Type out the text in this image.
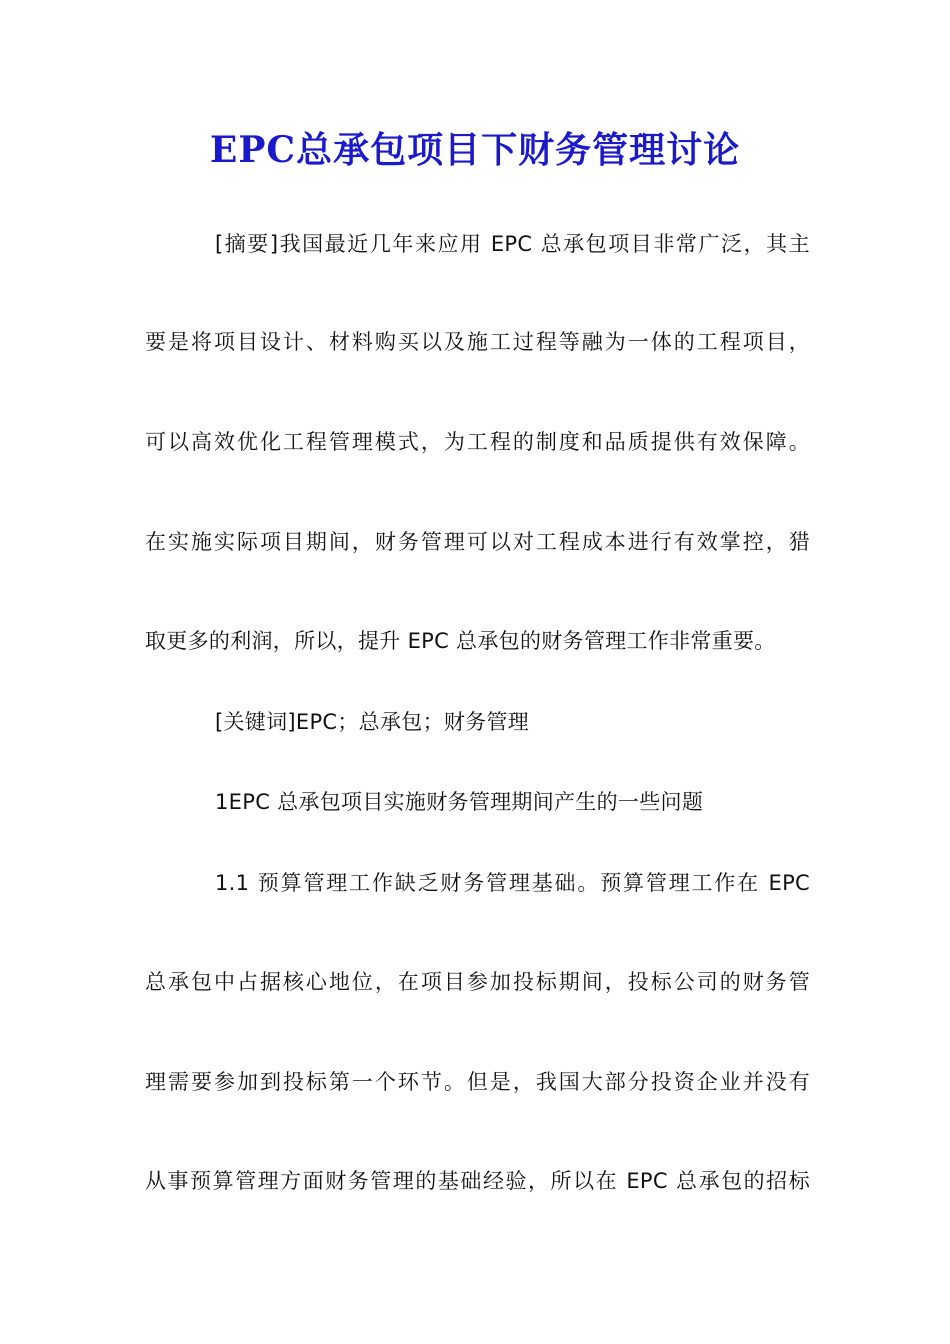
EPC总承包项目下财务管理讨论
[摘要]我国最近几年来应用 EPC 总承包项目非常广泛，其主
要是将项目设计、材料购买以及施工过程等融为一体的工程项目，
可以高效优化工程管理模式，为工程的制度和品质提供有效保障。
在实施实际项目期间，财务管理可以对工程成本进行有效掌控，猎
取更多的利润，所以，提升 EPC 总承包的财务管理工作非常重要。
[关键词]EPC；总承包；财务管理
1EPC 总承包项目实施财务管理期间产生的一些问题
1.1 预算管理工作缺乏财务管理基础。预算管理工作在 EPC
总承包中占据核心地位，在项目参加投标期间，投标公司的财务管
理需要参加到投标第一个环节。但是，我国大部分投资企业并没有
从事预算管理方面财务管理的基础经验，所以在 EPC 总承包的招标
